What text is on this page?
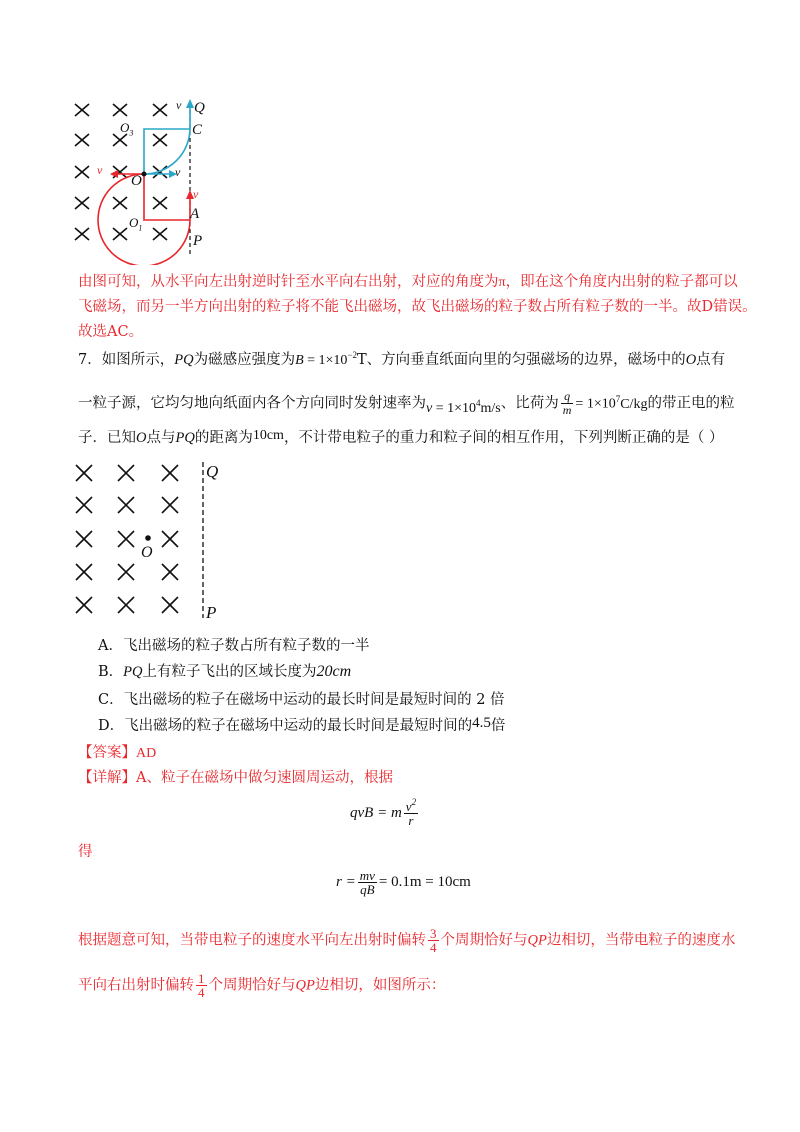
v Q
C
$O_3$
v
O
v
v
A
$O_1$
P
由图可知，从水平向左出射逆时针至水平向右出射，对应的角度为π，即在这个角度内出射的粒子都可以
飞磁场，而另一半方向出射的粒子将不能飞出磁场，故飞出磁场的粒子数占所有粒子数的一半。故D错误。
故选AC。
7．如图所示，PQ为磁感应强度为$B = 1\times 10^{-2}T$、方向垂直纸面向里的匀强磁场的边界，磁场中的O点有
一粒子源，它均匀地向纸面内各个方向同时发射速率为$v = 1\times 10^4m/s$、比荷为 $\frac{q}{m} = 1\times 10^7C/kg$的带正电的粒
子．已知O点与PQ的距离为10cm，不计带电粒子的重力和粒子间的相互作用，下列判断正确的是（ ）
Q
O
P
A．飞出磁场的粒子数占所有粒子数的一半
B．PQ上有粒子飞出的区域长度为20cm
C．飞出磁场的粒子在磁场中运动的最长时间是最短时间的 2 倍
D．飞出磁场的粒子在磁场中运动的最长时间是最短时间的4.5倍
【答案】AD
【详解】A、粒子在磁场中做匀速圆周运动，根据
qvB = m $\frac{v^2}{r}$
得
$r = \frac{mv}{qB} = 0.1m = 10cm$
根据题意可知，当带电粒子的速度水平向左出射时偏转 $\frac{3}{4}$ 个周期恰好与QP边相切，当带电粒子的速度水
平向右出射时偏转 $\frac{1}{4}$ 个周期恰好与QP边相切，如图所示：
